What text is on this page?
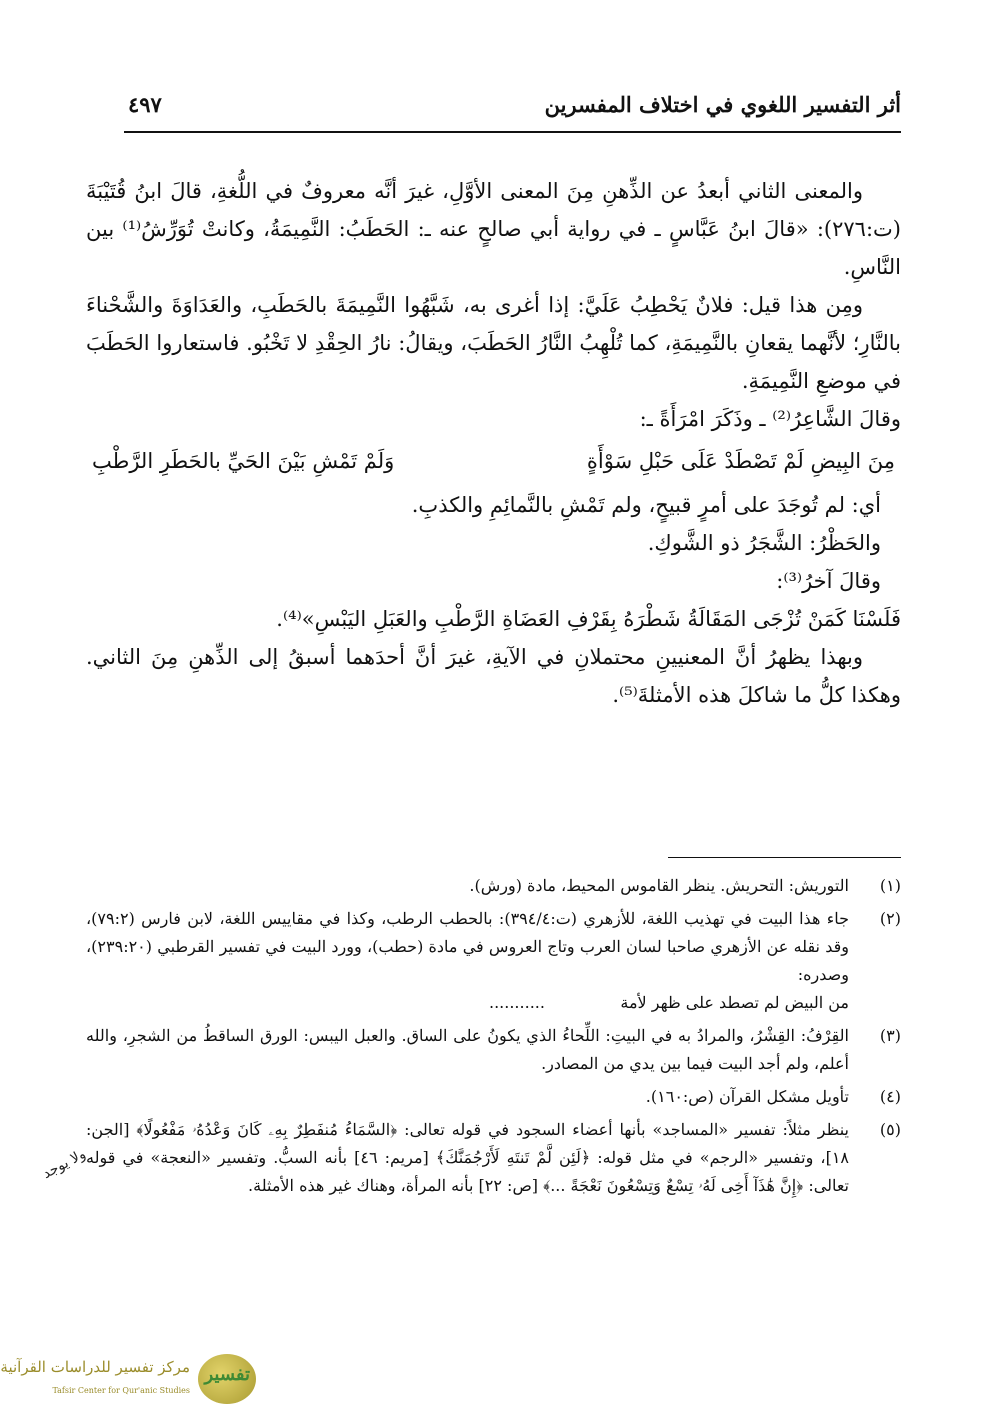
أثر التفسير اللغوي في اختلاف المفسرين
٤٩٧

والمعنى الثاني أبعدُ عن الذِّهنِ مِنَ المعنى الأوَّلِ، غيرَ أنَّه معروفٌ في اللُّغةِ، قالَ ابنُ قُتَيْبَةَ (ت:٢٧٦): «قالَ ابنُ عَبَّاسٍ ـ في رواية أبي صالحٍ عنه ـ: الحَطَبُ: النَّمِيمَةُ، وكانتْ تُوَرِّشُ⁽¹⁾ بين النَّاسِ.

ومِن هذا قيل: فلانٌ يَحْطِبُ عَلَيَّ: إذا أغرى به، شَبَّهُوا النَّمِيمَةَ بالحَطَبِ، والعَدَاوَةَ والشَّحْناءَ بالنَّارِ؛ لأنَّهما يقعانِ بالنَّمِيمَةِ، كما تُلْهِبُ النَّارُ الحَطَبَ، ويقالُ: نارُ الحِقْدِ لا تَخْبُو. فاستعاروا الحَطَبَ في موضعِ النَّمِيمَةِ.

وقالَ الشَّاعِرُ⁽²⁾ ـ وذَكَرَ امْرَأَةً ـ:

مِنَ البِيضِ لَمْ تَصْطَدْ عَلَى حَبْلِ سَوْأَةٍ
وَلَمْ تَمْشِ بَيْنَ الحَيِّ بالحَطَرِ الرَّطْبِ

أي: لم تُوجَدَ على أمرٍ قبيحٍ، ولم تَمْشِ بالنَّمائِمِ والكذبِ.

والحَظْرُ: الشَّجَرُ ذو الشَّوكِ.

وقالَ آخرُ⁽³⁾:

فَلَسْنَا كَمَنْ تُزْجَى المَقَالَةُ شَطْرَهُ بِقَرْفِ العَضَاةِ الرَّطْبِ والعَبَلِ اليَبْسِ»⁽⁴⁾.

وبهذا يظهرُ أنَّ المعنيينِ محتملانِ في الآيةِ، غيرَ أنَّ أحدَهما أسبقُ إلى الذِّهنِ مِنَ الثاني. وهكذا كلُّ ما شاكلَ هذه الأمثلةَ⁽⁵⁾.

(١)
التوريش: التحريش. ينظر القاموس المحيط، مادة (ورش).
(٢)
جاء هذا البيت في تهذيب اللغة، للأزهري (ت:٣٩٤/٤): بالحطب الرطب، وكذا في مقاييس اللغة، لابن فارس (٧٩:٢)، وقد نقله عن الأزهري صاحبا لسان العرب وتاج العروس في مادة (حطب)، وورد البيت في تفسير القرطبي (٢٣٩:٢٠)، وصدره:
من البيض لم تصطد على ظهر لأمة
...........
(٣)
القِرْفُ: القِشْرُ، والمرادُ به في البيتِ: اللِّحاءُ الذي يكونُ على الساق. والعبل اليبس: الورق الساقطُ من الشجرِ، والله أعلم، ولم أجد البيت فيما بين يدي من المصادر.
(٤)
تأويل مشكل القرآن (ص:١٦٠).
(٥)
ينظر مثلاً: تفسير «المساجد» بأنها أعضاء السجود في قوله تعالى: ﴿السَّمَاءُ مُنفَطِرٌ بِهِۦ كَانَ وَعْدُهُۥ مَفْعُولًا﴾ [الجن: ١٨]، وتفسير «الرجم» في مثل قوله: ﴿لَئِن لَّمْ تَنتَهِ لَأَرْجُمَنَّكَ﴾ [مريم: ٤٦] بأنه السبُّ. وتفسير «النعجة» في قوله تعالى: ﴿إِنَّ هَٰذَآ أَخِى لَهُۥ تِسْعٌ وَتِسْعُونَ نَعْجَةً ...﴾ [ص: ٢٢] بأنه المرأة، وهناك غير هذه الأمثلة.
ولا يوجد
تفسير
مركز تفسير للدراسات القرآنية
Tafsir Center for Qur'anic Studies
